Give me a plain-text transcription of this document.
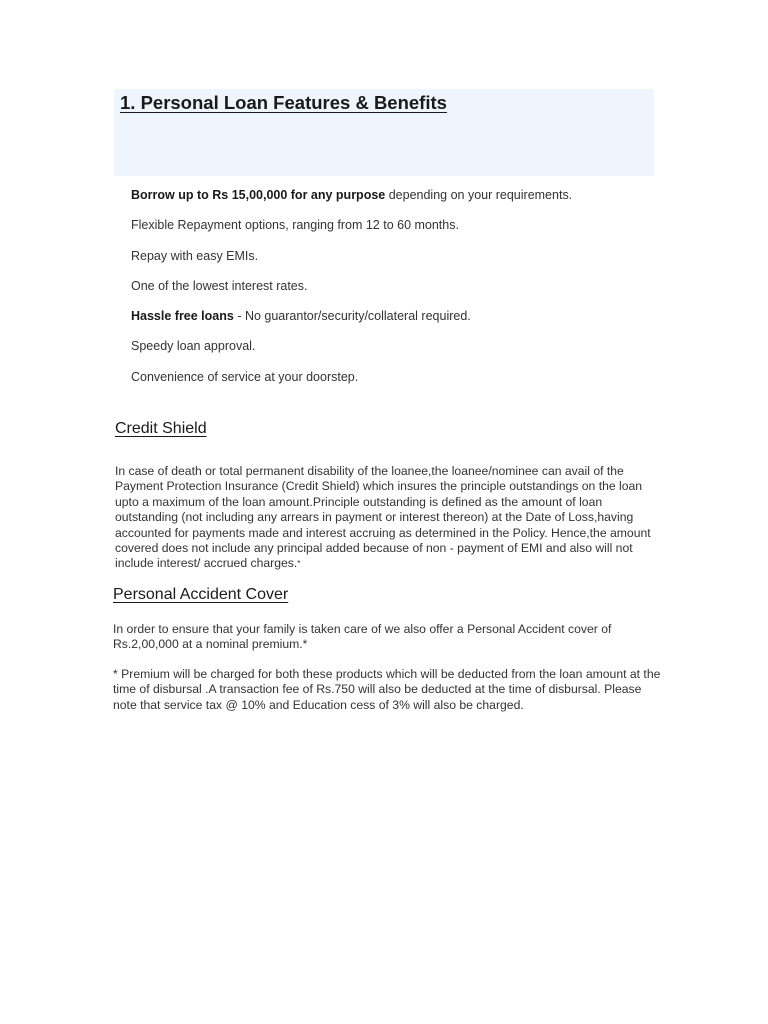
1. Personal Loan Features & Benefits
Borrow up to Rs 15,00,000 for any purpose depending on your requirements.
Flexible Repayment options, ranging from 12 to 60 months.
Repay with easy EMIs.
One of the lowest interest rates.
Hassle free loans - No guarantor/security/collateral required.
Speedy loan approval.
Convenience of service at your doorstep.
Credit Shield

In case of death or total permanent disability of the loanee,the loanee/nominee can avail of the Payment Protection Insurance (Credit Shield) which insures the principle outstandings on the loan upto a maximum of the loan amount.Principle outstanding is defined as the amount of loan outstanding (not including any arrears in payment or interest thereon) at the Date of Loss,having accounted for payments made and interest accruing as determined in the Policy. Hence,the amount covered does not include any principal added because of non - payment of EMI and also will not include interest/ accrued charges.*

Personal Accident Cover

In order to ensure that your family is taken care of we also offer a Personal Accident cover of Rs.2,00,000 at a nominal premium.*

* Premium will be charged for both these products which will be deducted from the loan amount at the time of disbursal .A transaction fee of Rs.750 will also be deducted at the time of disbursal. Please note that service tax @ 10% and Education cess of 3% will also be charged.
